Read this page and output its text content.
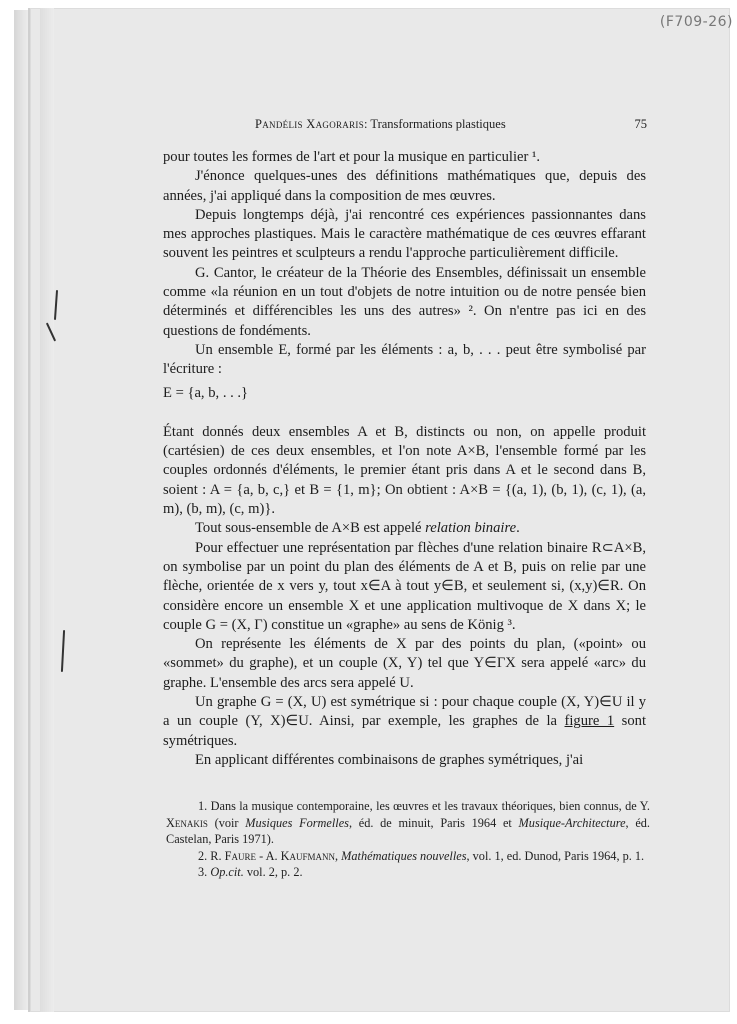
(F709-26)
Pandélis Xagoraris: Transformations plastiques	75

pour toutes les formes de l'art et pour la musique en particulier ¹.

J'énonce quelques-unes des définitions mathématiques que, depuis des années, j'ai appliqué dans la composition de mes œuvres.

Depuis longtemps déjà, j'ai rencontré ces expériences passionnantes dans mes approches plastiques. Mais le caractère mathématique de ces œuvres effarant souvent les peintres et sculpteurs a rendu l'approche particulièrement difficile.

G. Cantor, le créateur de la Théorie des Ensembles, définissait un ensemble comme «la réunion en un tout d'objets de notre intuition ou de notre pensée bien déterminés et différencibles les uns des autres» ². On n'entre pas ici en des questions de fondéments.

Un ensemble E, formé par les éléments : a, b, . . . peut être symbolisé par l'écriture :

E = {a, b, . . .}

Étant donnés deux ensembles A et B, distincts ou non, on appelle produit (cartésien) de ces deux ensembles, et l'on note A×B, l'ensemble formé par les couples ordonnés d'éléments, le premier étant pris dans A et le second dans B, soient : A = {a, b, c,} et B = {1, m}; On obtient : A×B = {(a, 1), (b, 1), (c, 1), (a, m), (b, m), (c, m)}.

Tout sous-ensemble de A×B est appelé relation binaire.

Pour effectuer une représentation par flèches d'une relation binaire R⊂A×B, on symbolise par un point du plan des éléments de A et B, puis on relie par une flèche, orientée de x vers y, tout x∈A à tout y∈B, et seulement si, (x,y)∈R. On considère encore un ensemble X et une application multivoque de X dans X; le couple G = (X, Γ) constitue un «graphe» au sens de König ³.

On représente les éléments de X par des points du plan, («point» ou «sommet» du graphe), et un couple (X, Y) tel que Y∈ΓX sera appelé «arc» du graphe. L'ensemble des arcs sera appelé U.

Un graphe G = (X, U) est symétrique si : pour chaque couple (X, Y)∈U il y a un couple (Y, X)∈U. Ainsi, par exemple, les graphes de la figure 1 sont symétriques.

En applicant différentes combinaisons de graphes symétriques, j'ai

1. Dans la musique contemporaine, les œuvres et les travaux théoriques, bien connus, de Y. Xenakis (voir Musiques Formelles, éd. de minuit, Paris 1964 et Musique-Architecture, éd. Castelan, Paris 1971).

2. R. Faure - A. Kaufmann, Mathématiques nouvelles, vol. 1, ed. Dunod, Paris 1964, p. 1.

3. Op.cit. vol. 2, p. 2.
